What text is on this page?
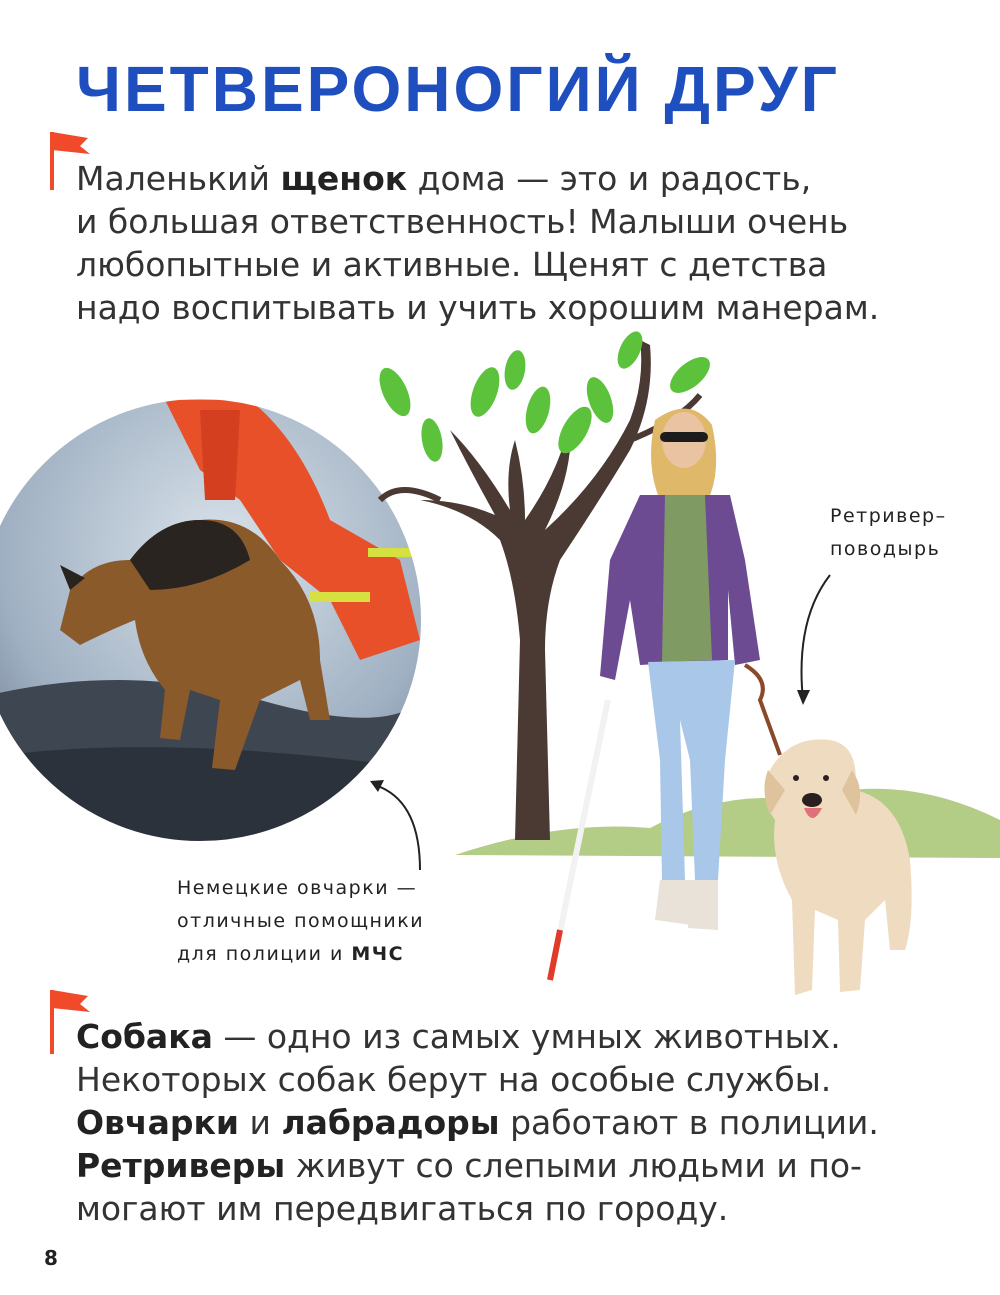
ЧЕТВЕРОНОГИЙ ДРУГ

Маленький щенок дома — это и радость,

и большая ответственность! Малыши очень

любопытные и активные. Щенят с детства

надо воспитывать и учить хорошим манерам.

Немецкие овчарки —
отличные помощники
для полиции и МЧС
Ретривер–
поводырь

Собака — одно из самых умных животных.

Некоторых собак берут на особые службы.

Овчарки и лабрадоры работают в полиции.

Ретриверы живут со слепыми людьми и по-

могают им передвигаться по городу.

8
